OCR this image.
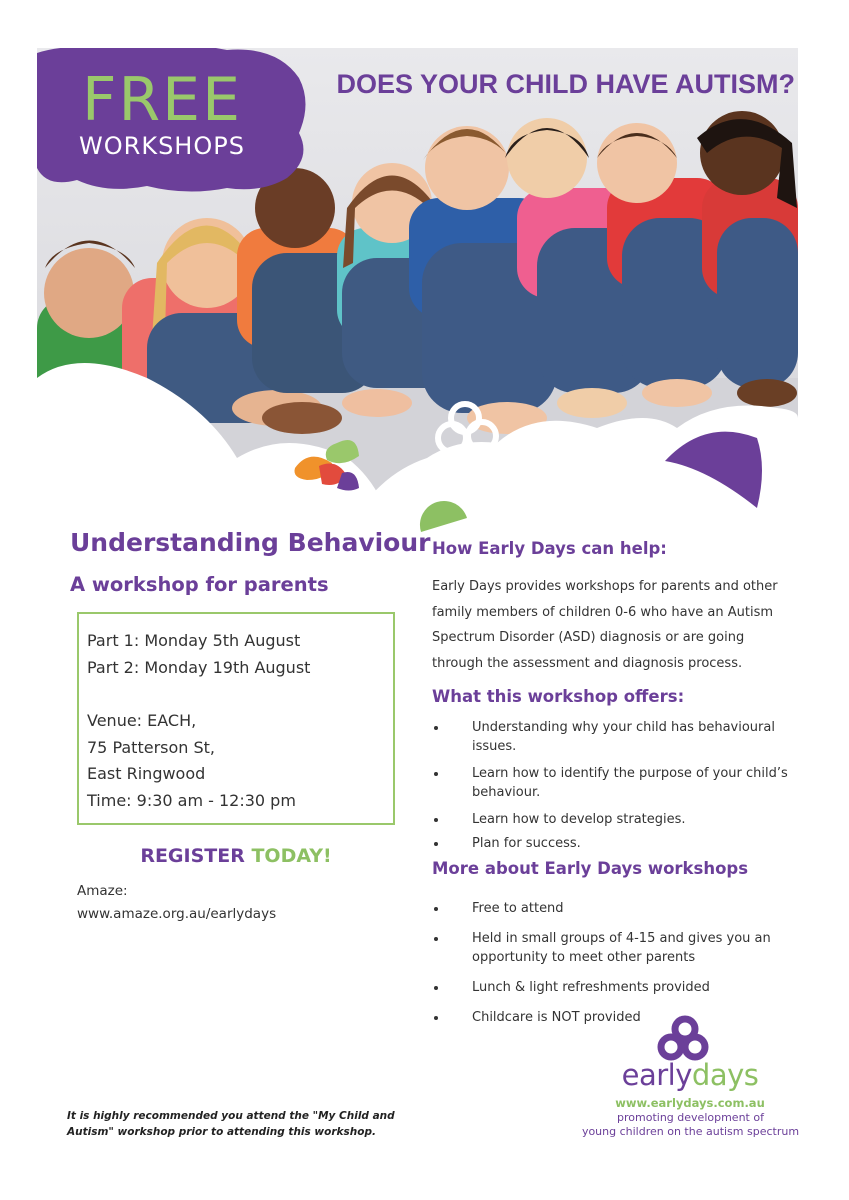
FREE
WORKSHOPS
DOES YOUR CHILD HAVE AUTISM?
Understanding Behaviour
A workshop for parents
Part 1: Monday 5th August
Part 2: Monday 19th August
Venue: EACH,
75 Patterson St,
East Ringwood
Time: 9:30 am - 12:30 pm
REGISTER TODAY!
Amaze:
www.amaze.org.au/earlydays
It is highly recommended you attend the "My Child and Autism" workshop prior to attending this workshop.
How Early Days can help:
Early Days provides workshops for parents and other
family members of children 0-6 who have an Autism
Spectrum Disorder (ASD) diagnosis or are going
through the assessment and diagnosis process.
What this workshop offers:
Understanding why your child has behavioural issues.
Learn how to identify the purpose of your child’s behaviour.
Learn how to develop strategies.
Plan for success.
More about Early Days workshops
Free to attend
Held in small groups of 4-15 and gives you an opportunity to meet other parents
Lunch & light refreshments provided
Childcare is NOT provided
earlydays
www.earlydays.com.au
promoting development of
young children on the autism spectrum
